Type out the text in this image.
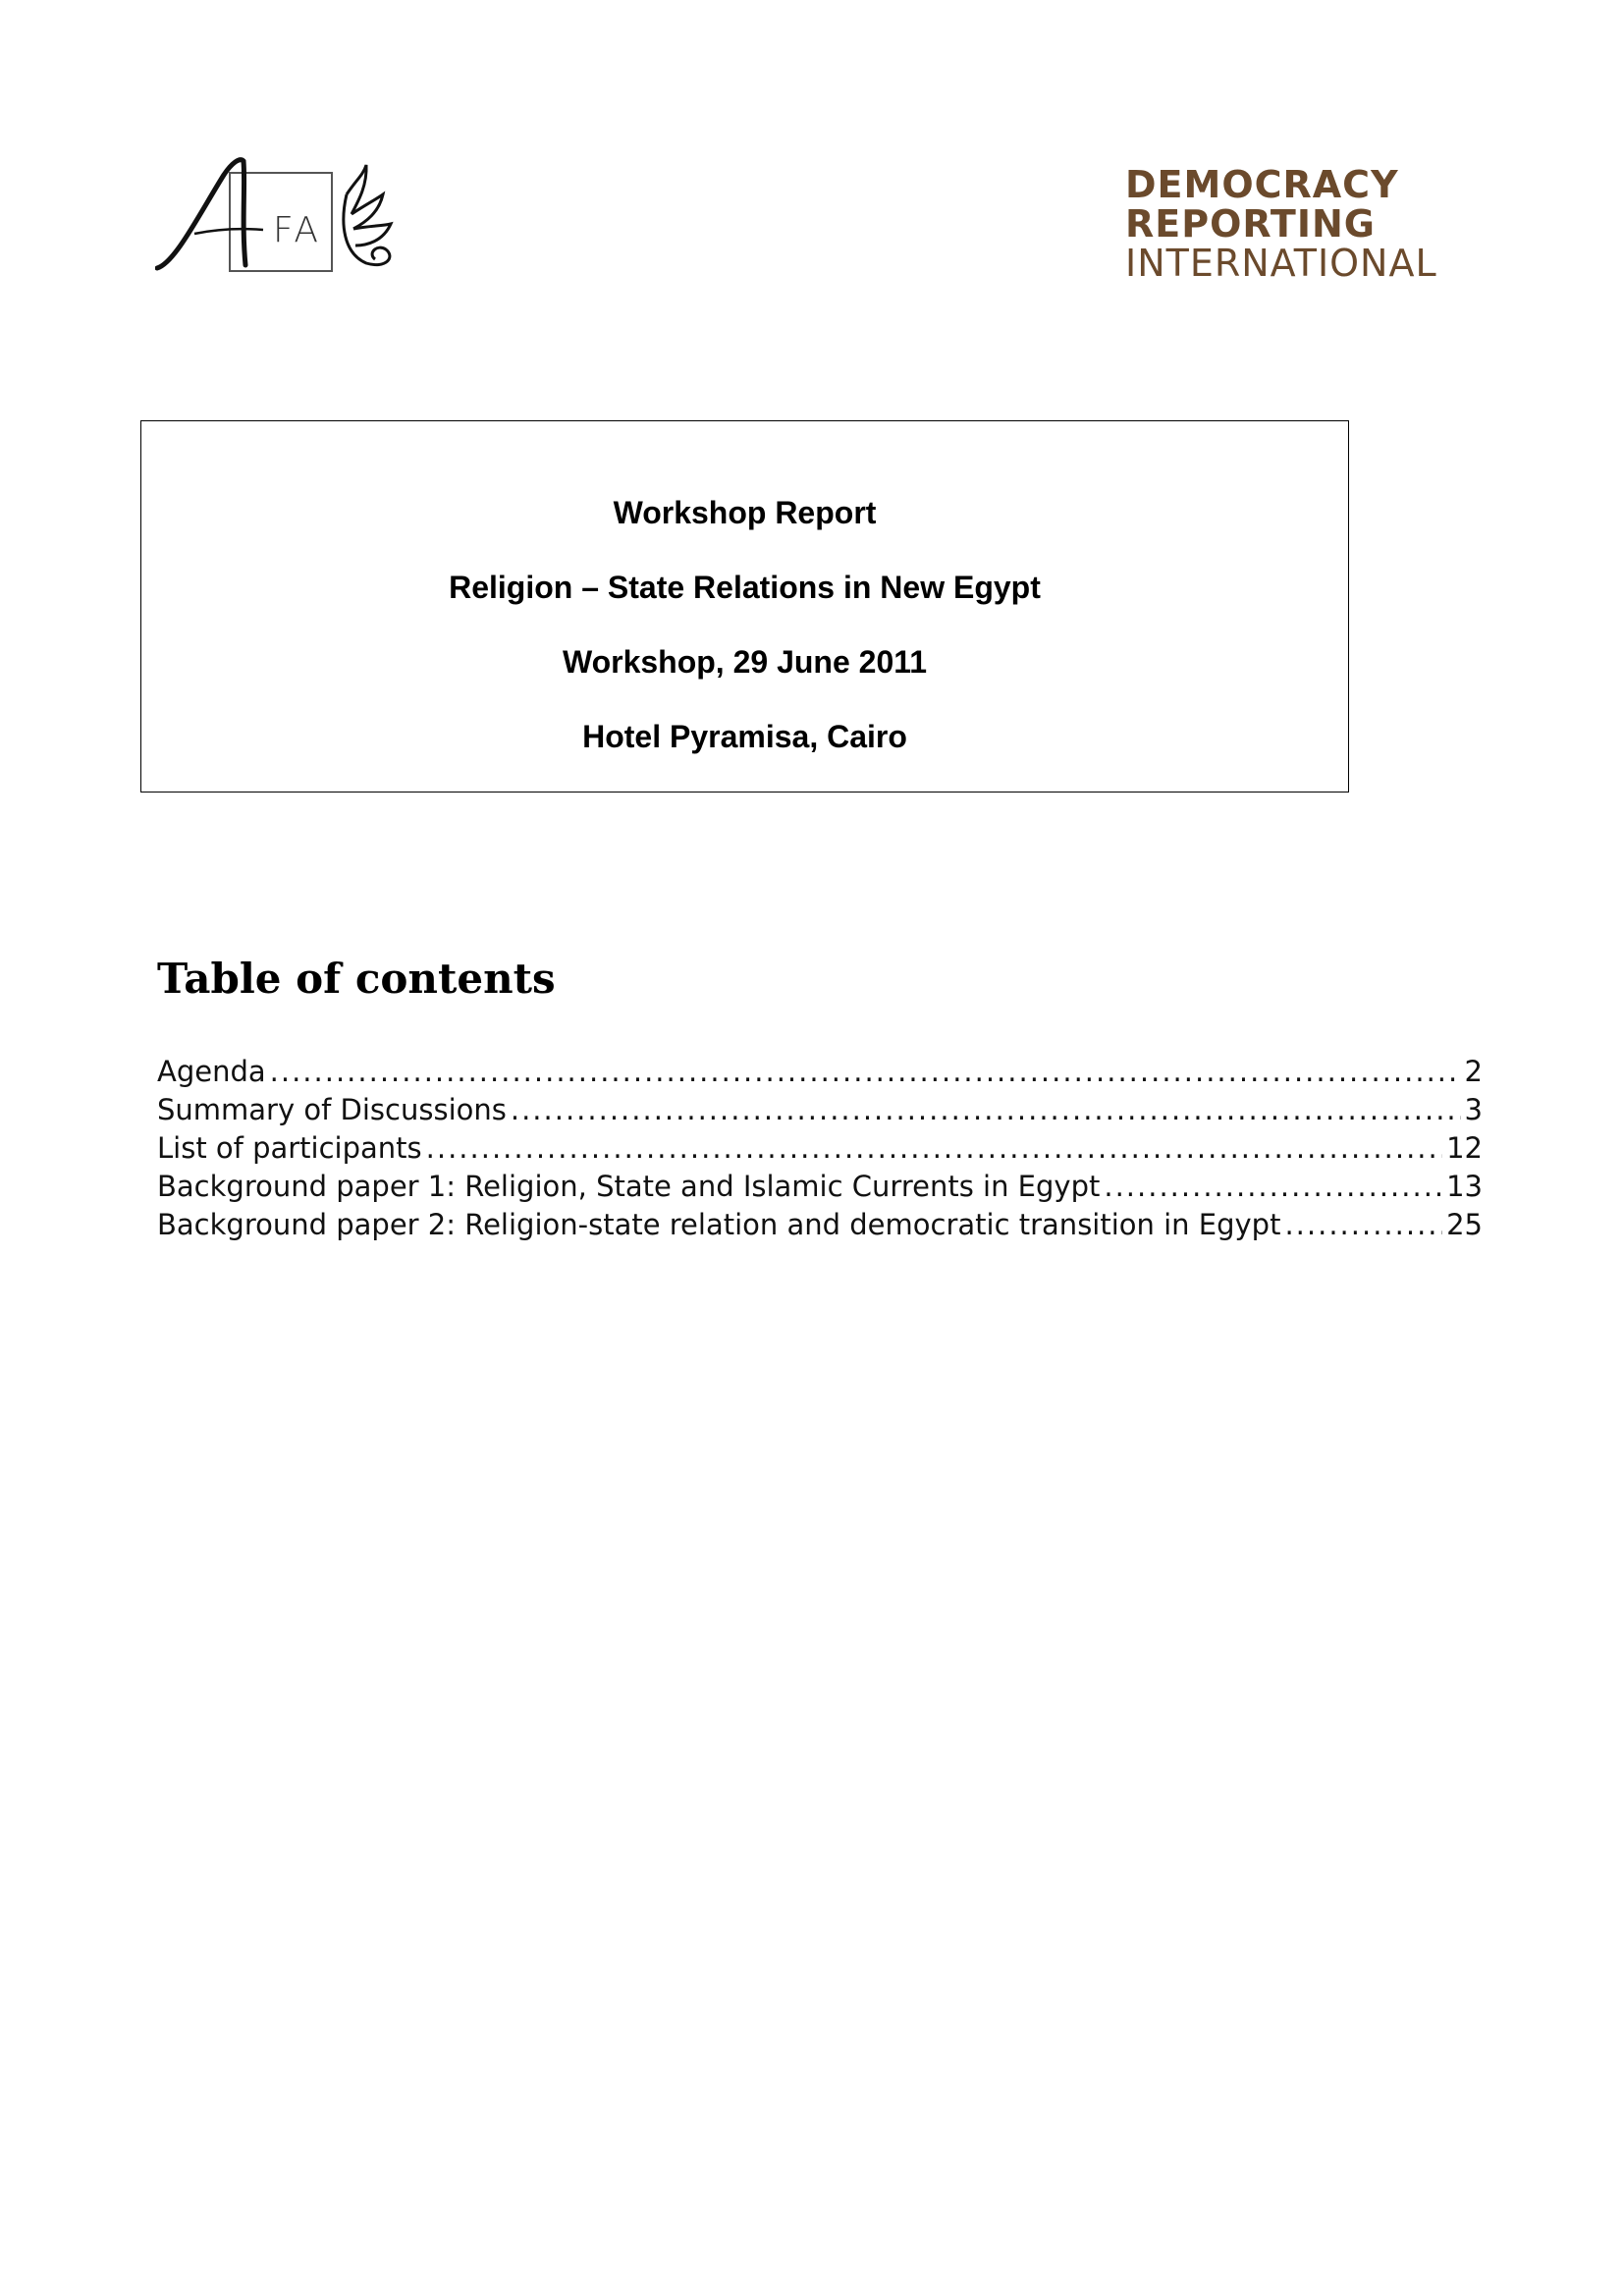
FA
DEMOCRACY
REPORTING
INTERNATIONAL
Workshop Report
Religion – State Relations in New Egypt
Workshop, 29 June 2011
Hotel Pyramisa, Cairo
Table of contents
Agenda .....	2
Summary of Discussions .....	3
List of participants .....	12
Background paper 1: Religion, State and Islamic Currents in Egypt .....	13
Background paper 2: Religion-state relation and democratic transition in Egypt .....	25
